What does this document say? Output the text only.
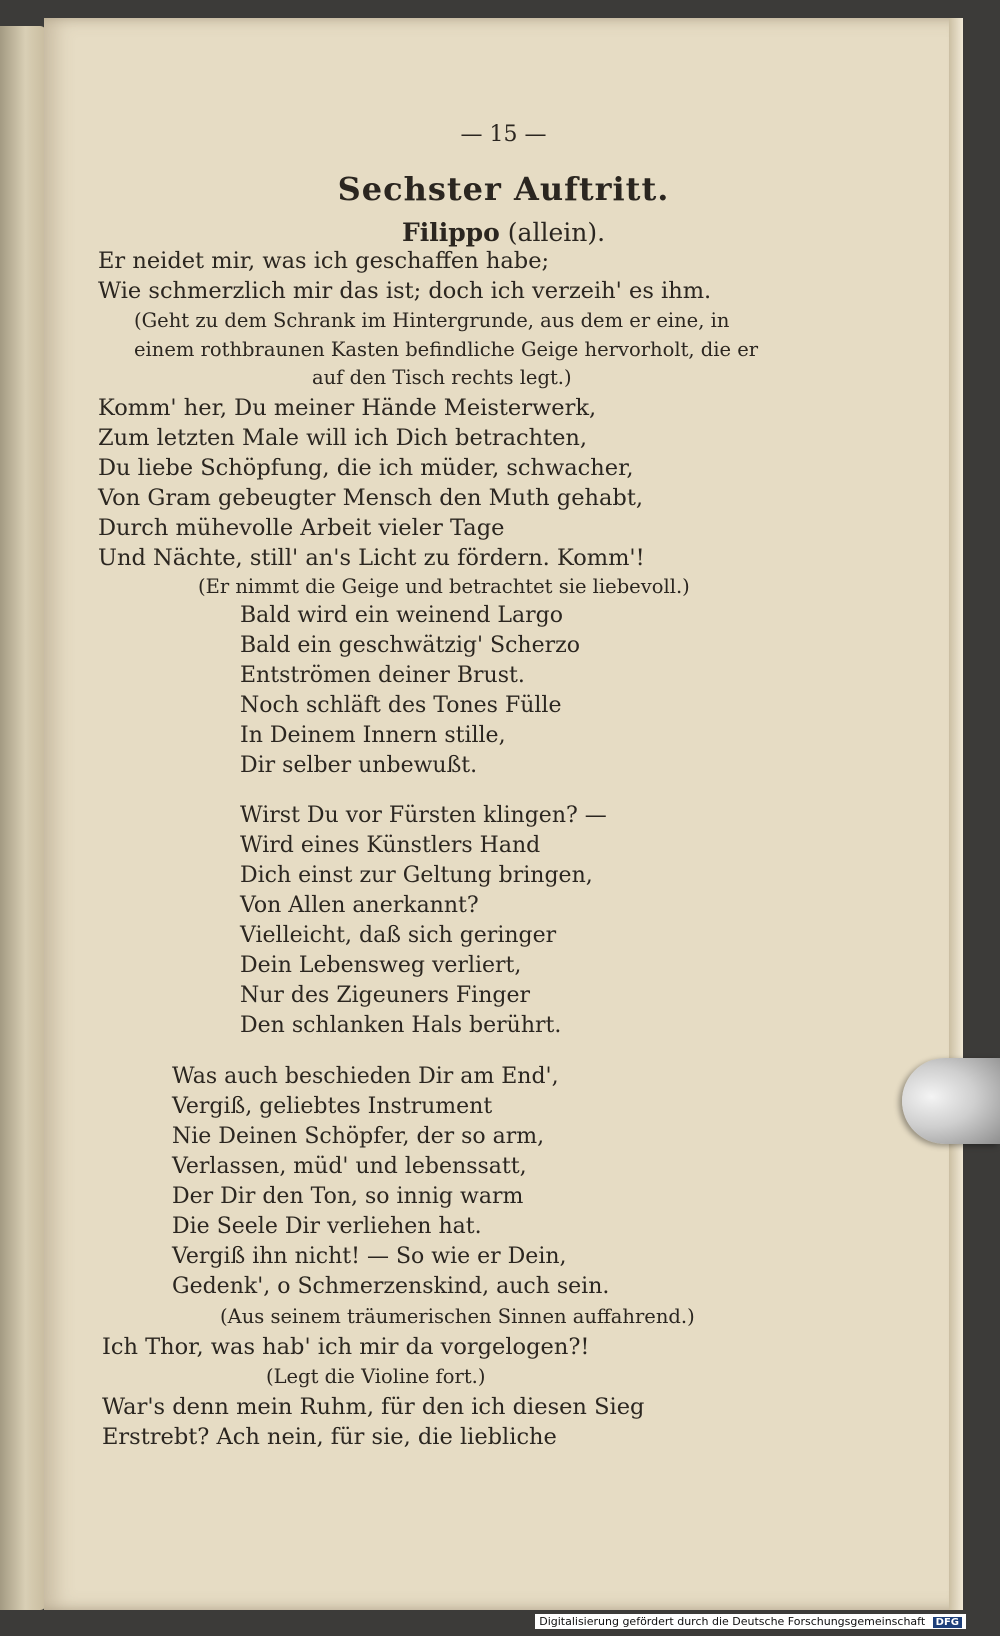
— 15 —
Sechster Auftritt.
Filippo (allein).
Er neidet mir, was ich geschaffen habe;
Wie schmerzlich mir das ist; doch ich verzeih' es ihm.
(Geht zu dem Schrank im Hintergrunde, aus dem er eine, in
einem rothbraunen Kasten befindliche Geige hervorholt, die er
auf den Tisch rechts legt.)
Komm' her, Du meiner Hände Meisterwerk,
Zum letzten Male will ich Dich betrachten,
Du liebe Schöpfung, die ich müder, schwacher,
Von Gram gebeugter Mensch den Muth gehabt,
Durch mühevolle Arbeit vieler Tage
Und Nächte, still' an's Licht zu fördern. Komm'!
(Er nimmt die Geige und betrachtet sie liebevoll.)
Bald wird ein weinend Largo
Bald ein geschwätzig' Scherzo
Entströmen deiner Brust.
Noch schläft des Tones Fülle
In Deinem Innern stille,
Dir selber unbewußt.
Wirst Du vor Fürsten klingen? —
Wird eines Künstlers Hand
Dich einst zur Geltung bringen,
Von Allen anerkannt?
Vielleicht, daß sich geringer
Dein Lebensweg verliert,
Nur des Zigeuners Finger
Den schlanken Hals berührt.
Was auch beschieden Dir am End',
Vergiß, geliebtes Instrument
Nie Deinen Schöpfer, der so arm,
Verlassen, müd' und lebenssatt,
Der Dir den Ton, so innig warm
Die Seele Dir verliehen hat.
Vergiß ihn nicht! — So wie er Dein,
Gedenk', o Schmerzenskind, auch sein.
(Aus seinem träumerischen Sinnen auffahrend.)
Ich Thor, was hab' ich mir da vorgelogen?!
(Legt die Violine fort.)
War's denn mein Ruhm, für den ich diesen Sieg
Erstrebt? Ach nein, für sie, die liebliche
Digitalisierung gefördert durch die Deutsche Forschungsgemeinschaft DFG
